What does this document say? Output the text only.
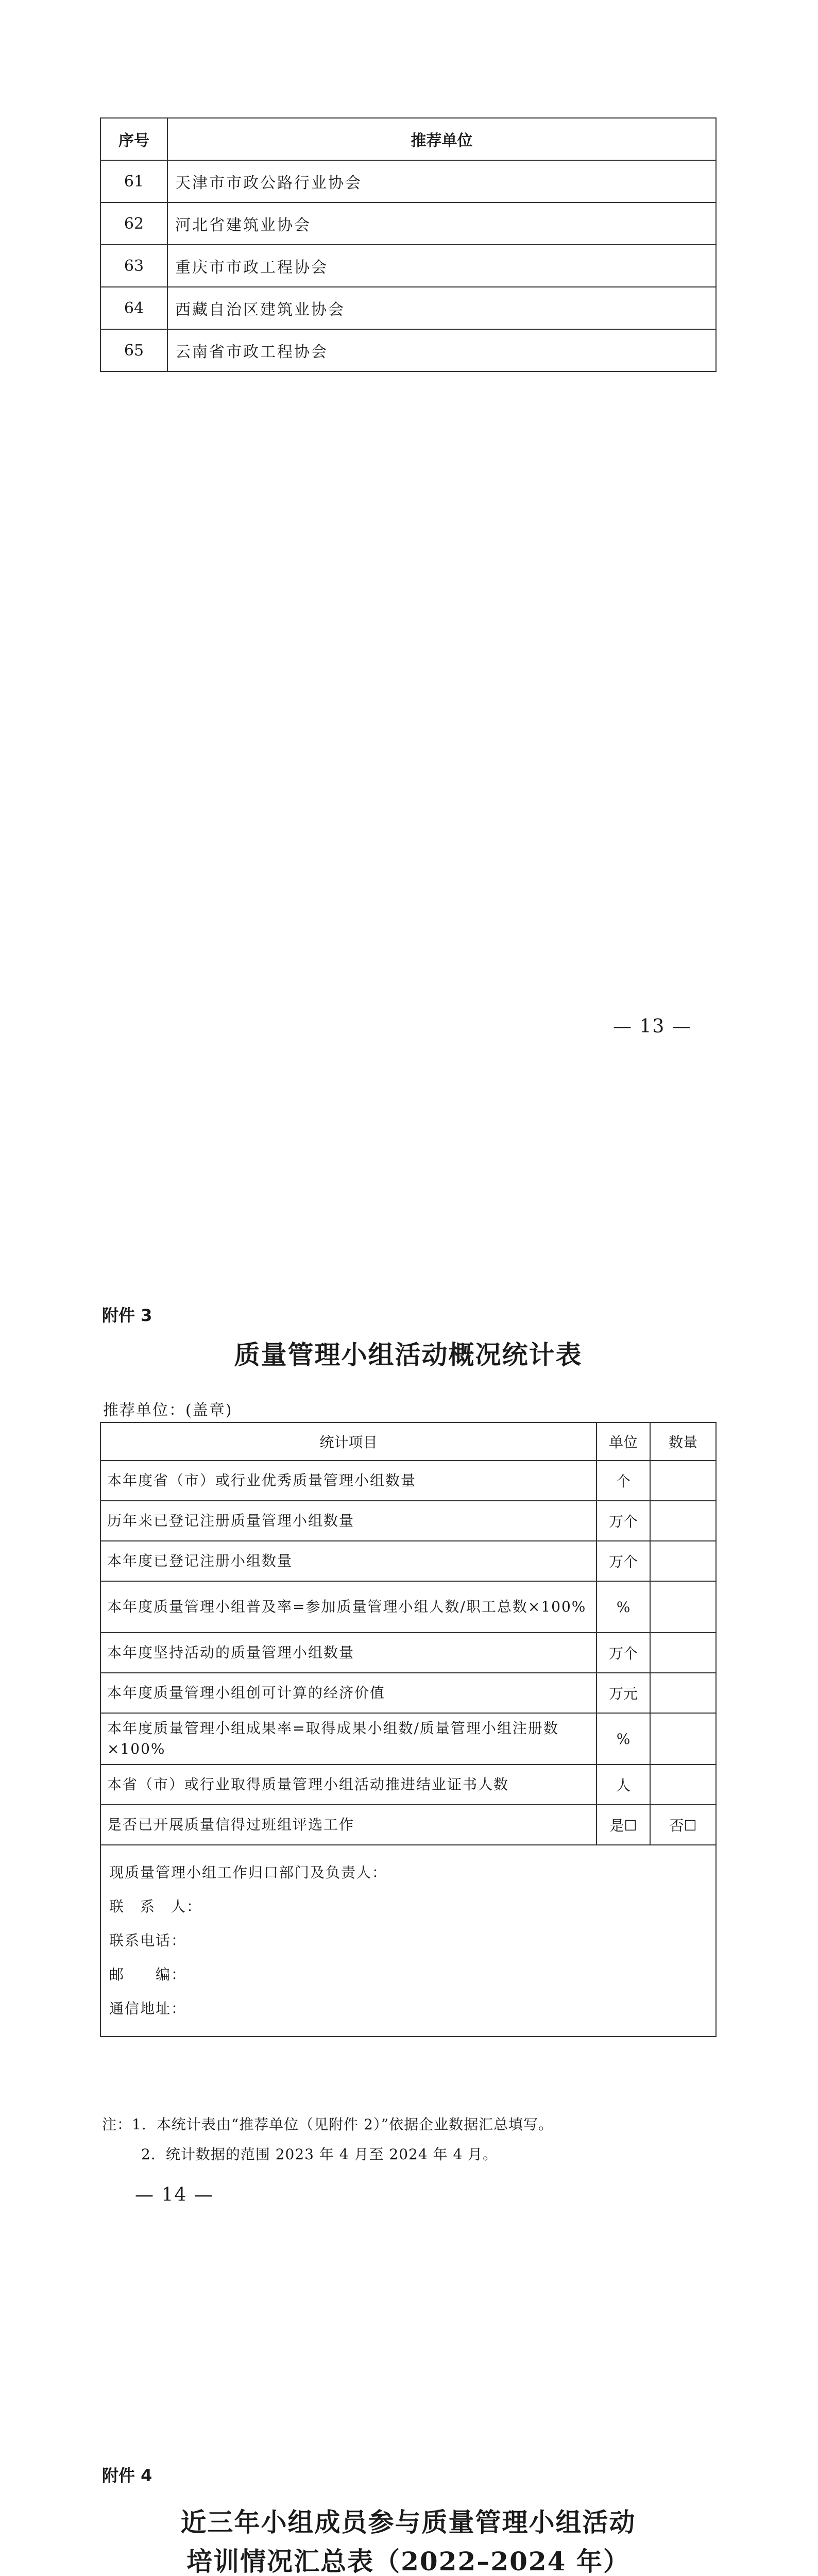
序号	推荐单位
61	天津市市政公路行业协会
62	河北省建筑业协会
63	重庆市市政工程协会
64	西藏自治区建筑业协会
65	云南省市政工程协会
— 13 —
附件 3
质量管理小组活动概况统计表
推荐单位：(盖章)
统计项目	单位	数量
本年度省（市）或行业优秀质量管理小组数量	个	
历年来已登记注册质量管理小组数量	万个	
本年度已登记注册小组数量	万个	
本年度质量管理小组普及率=参加质量管理小组人数/职工总数×100%	%	
本年度坚持活动的质量管理小组数量	万个	
本年度质量管理小组创可计算的经济价值	万元	
本年度质量管理小组成果率=取得成果小组数/质量管理小组注册数×100%	%	
本省（市）或行业取得质量管理小组活动推进结业证书人数	人	
是否已开展质量信得过班组评选工作	是☐	否☐

现质量管理小组工作归口部门及负责人：
联　系　人：
联系电话：
邮　　编：
通信地址：		
注：1．本统计表由“推荐单位（见附件 2）”依据企业数据汇总填写。
2．统计数据的范围 2023 年 4 月至 2024 年 4 月。
— 14 —
附件 4
近三年小组成员参与质量管理小组活动
培训情况汇总表（2022–2024 年）
